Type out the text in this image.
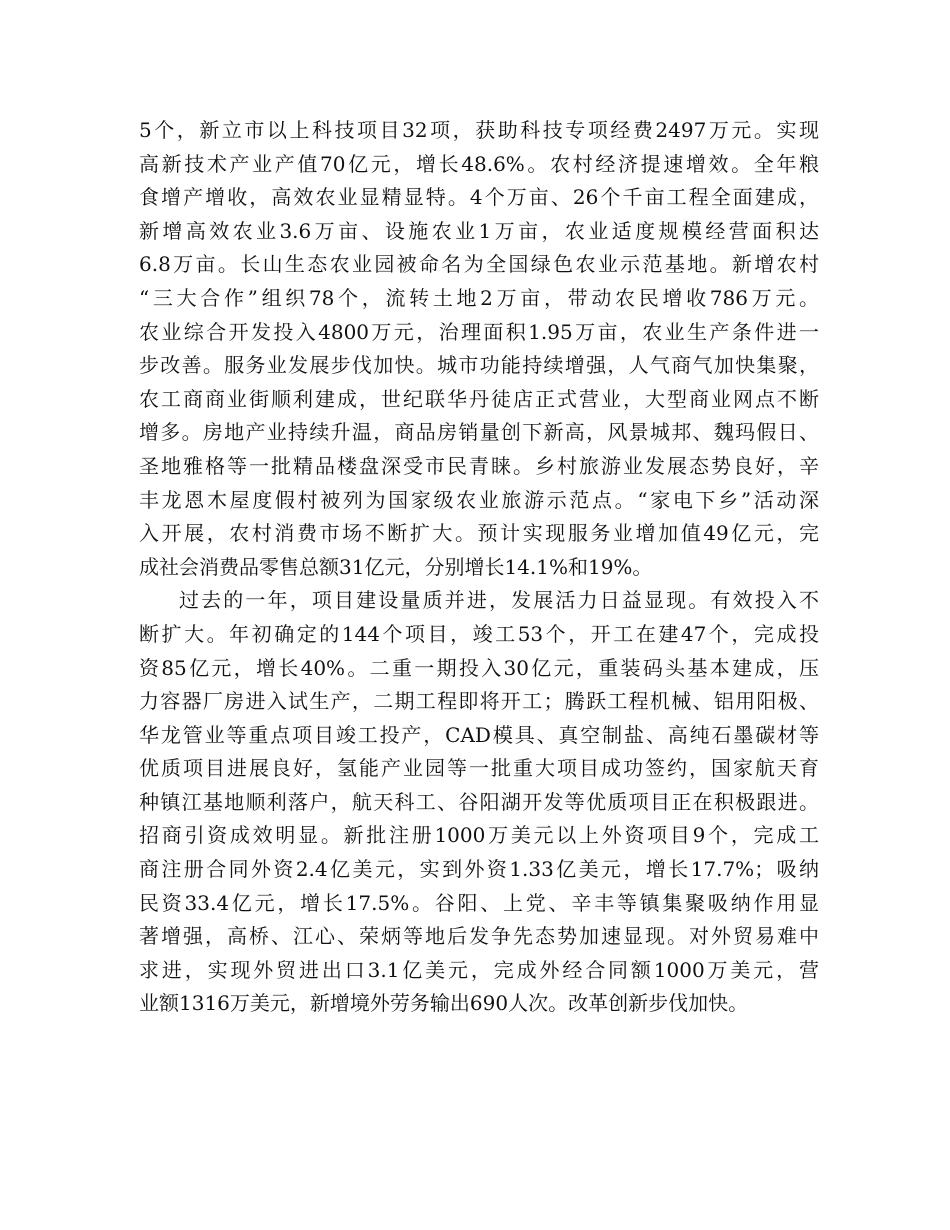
5个，新立市以上科技项目32项，获助科技专项经费2497万元。实现
高新技术产业产值70亿元，增长48.6%。农村经济提速增效。全年粮
食增产增收，高效农业显精显特。4个万亩、26个千亩工程全面建成，
新增高效农业3.6万亩、设施农业1万亩，农业适度规模经营面积达
6.8万亩。长山生态农业园被命名为全国绿色农业示范基地。新增农村
“三大合作”组织78个，流转土地2万亩，带动农民增收786万元。
农业综合开发投入4800万元，治理面积1.95万亩，农业生产条件进一
步改善。服务业发展步伐加快。城市功能持续增强，人气商气加快集聚，
农工商商业街顺利建成，世纪联华丹徒店正式营业，大型商业网点不断
增多。房地产业持续升温，商品房销量创下新高，风景城邦、魏玛假日、
圣地雅格等一批精品楼盘深受市民青睐。乡村旅游业发展态势良好，辛
丰龙恩木屋度假村被列为国家级农业旅游示范点。“家电下乡”活动深
入开展，农村消费市场不断扩大。预计实现服务业增加值49亿元，完
成社会消费品零售总额31亿元，分别增长14.1%和19%。
过去的一年，项目建设量质并进，发展活力日益显现。有效投入不
断扩大。年初确定的144个项目，竣工53个，开工在建47个，完成投
资85亿元，增长40%。二重一期投入30亿元，重装码头基本建成，压
力容器厂房进入试生产，二期工程即将开工；腾跃工程机械、铝用阳极、
华龙管业等重点项目竣工投产，CAD模具、真空制盐、高纯石墨碳材等
优质项目进展良好，氢能产业园等一批重大项目成功签约，国家航天育
种镇江基地顺利落户，航天科工、谷阳湖开发等优质项目正在积极跟进。
招商引资成效明显。新批注册1000万美元以上外资项目9个，完成工
商注册合同外资2.4亿美元，实到外资1.33亿美元，增长17.7%；吸纳
民资33.4亿元，增长17.5%。谷阳、上党、辛丰等镇集聚吸纳作用显
著增强，高桥、江心、荣炳等地后发争先态势加速显现。对外贸易难中
求进，实现外贸进出口3.1亿美元，完成外经合同额1000万美元，营
业额1316万美元，新增境外劳务输出690人次。改革创新步伐加快。
